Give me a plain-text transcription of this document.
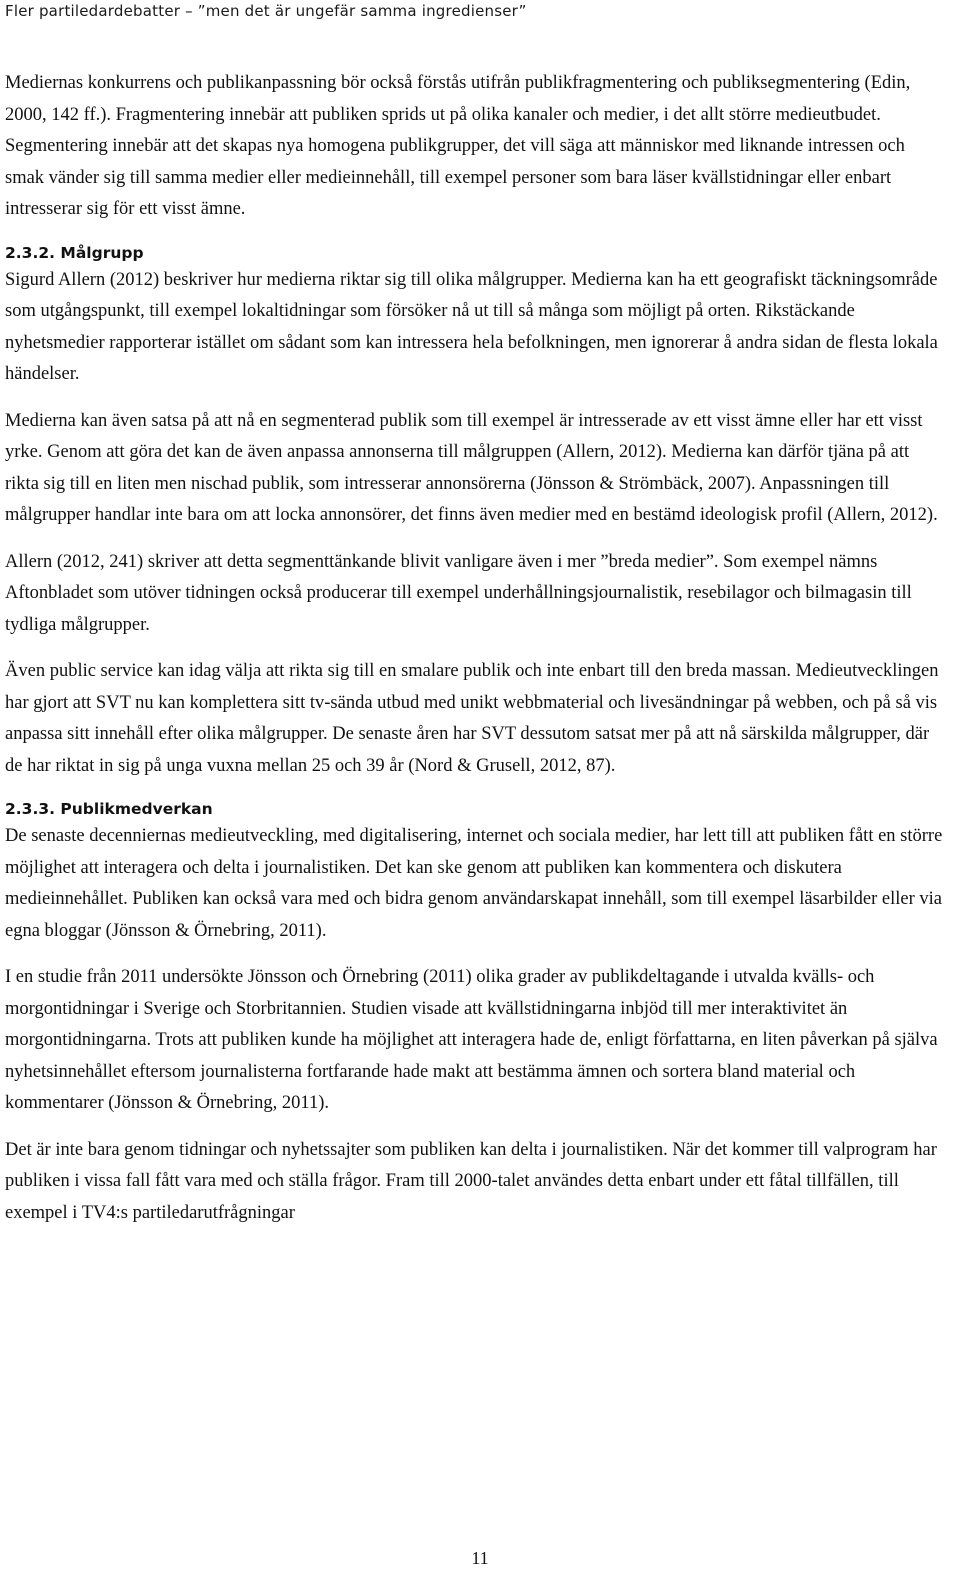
Fler partiledardebatter – ”men det är ungefär samma ingredienser”

Mediernas konkurrens och publikanpassning bör också förstås utifrån publikfragmentering och publiksegmentering (Edin, 2000, 142 ff.). Fragmentering innebär att publiken sprids ut på olika kanaler och medier, i det allt större medieutbudet. Segmentering innebär att det skapas nya homogena publikgrupper, det vill säga att människor med liknande intressen och smak vänder sig till samma medier eller medieinnehåll, till exempel personer som bara läser kvällstidningar eller enbart intresserar sig för ett visst ämne.

2.3.2. Målgrupp

Sigurd Allern (2012) beskriver hur medierna riktar sig till olika målgrupper. Medierna kan ha ett geografiskt täckningsområde som utgångspunkt, till exempel lokaltidningar som försöker nå ut till så många som möjligt på orten. Rikstäckande nyhetsmedier rapporterar istället om sådant som kan intressera hela befolkningen, men ignorerar å andra sidan de flesta lokala händelser.

Medierna kan även satsa på att nå en segmenterad publik som till exempel är intresserade av ett visst ämne eller har ett visst yrke. Genom att göra det kan de även anpassa annonserna till målgruppen (Allern, 2012). Medierna kan därför tjäna på att rikta sig till en liten men nischad publik, som intresserar annonsörerna (Jönsson & Strömbäck, 2007). Anpassningen till målgrupper handlar inte bara om att locka annonsörer, det finns även medier med en bestämd ideologisk profil (Allern, 2012).

Allern (2012, 241) skriver att detta segmenttänkande blivit vanligare även i mer ”breda medier”. Som exempel nämns Aftonbladet som utöver tidningen också producerar till exempel underhållningsjournalistik, resebilagor och bilmagasin till tydliga målgrupper.

Även public service kan idag välja att rikta sig till en smalare publik och inte enbart till den breda massan. Medieutvecklingen har gjort att SVT nu kan komplettera sitt tv-sända utbud med unikt webbmaterial och livesändningar på webben, och på så vis anpassa sitt innehåll efter olika målgrupper. De senaste åren har SVT dessutom satsat mer på att nå särskilda målgrupper, där de har riktat in sig på unga vuxna mellan 25 och 39 år (Nord & Grusell, 2012, 87).

2.3.3. Publikmedverkan

De senaste decenniernas medieutveckling, med digitalisering, internet och sociala medier, har lett till att publiken fått en större möjlighet att interagera och delta i journalistiken. Det kan ske genom att publiken kan kommentera och diskutera medieinnehållet. Publiken kan också vara med och bidra genom användarskapat innehåll, som till exempel läsarbilder eller via egna bloggar (Jönsson & Örnebring, 2011).

I en studie från 2011 undersökte Jönsson och Örnebring (2011) olika grader av publikdeltagande i utvalda kvälls- och morgontidningar i Sverige och Storbritannien. Studien visade att kvällstidningarna inbjöd till mer interaktivitet än morgontidningarna. Trots att publiken kunde ha möjlighet att interagera hade de, enligt författarna, en liten påverkan på själva nyhetsinnehållet eftersom journalisterna fortfarande hade makt att bestämma ämnen och sortera bland material och kommentarer (Jönsson & Örnebring, 2011).

Det är inte bara genom tidningar och nyhetssajter som publiken kan delta i journalistiken. När det kommer till valprogram har publiken i vissa fall fått vara med och ställa frågor. Fram till 2000-talet användes detta enbart under ett fåtal tillfällen, till exempel i TV4:s partiledarutfrågningar

11
